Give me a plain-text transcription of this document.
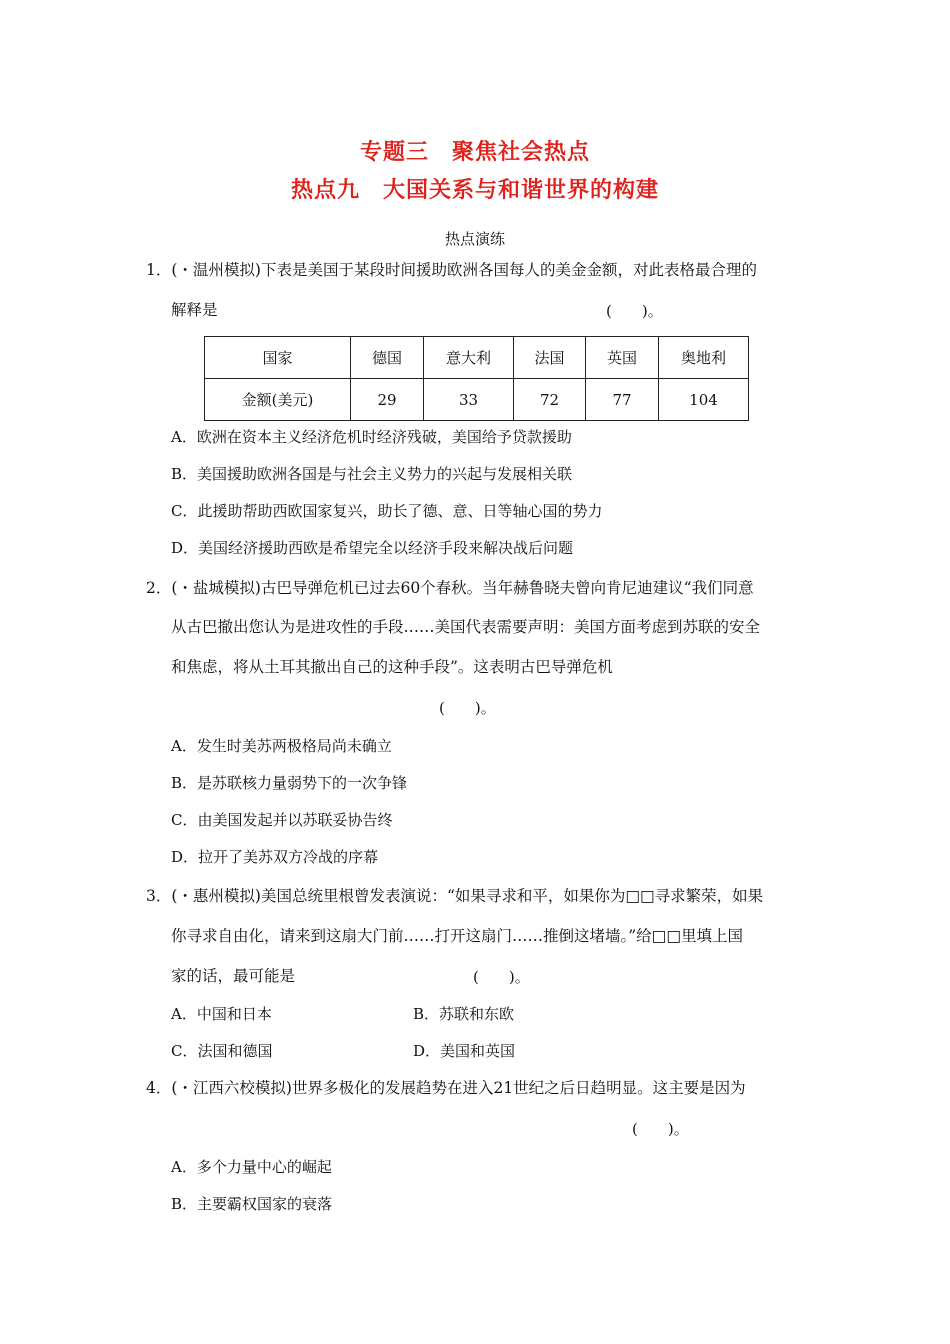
专题三　聚焦社会热点
热点九　大国关系与和谐世界的构建
热点演练
1．(・温州模拟)下表是美国于某段时间援助欧洲各国每人的美金金额，对此表格最合理的
解释是	(　　)。
国家	德国	意大利	法国	英国	奥地利
金额(美元)	29	33	72	77	104
A．欧洲在资本主义经济危机时经济残破，美国给予贷款援助
B．美国援助欧洲各国是与社会主义势力的兴起与发展相关联
C．此援助帮助西欧国家复兴，助长了德、意、日等轴心国的势力
D．美国经济援助西欧是希望完全以经济手段来解决战后问题
2．(・盐城模拟)古巴导弹危机已过去60个春秋。当年赫鲁晓夫曾向肯尼迪建议“我们同意
从古巴撤出您认为是进攻性的手段……美国代表需要声明：美国方面考虑到苏联的安全
和焦虑，将从土耳其撤出自己的这种手段”。这表明古巴导弹危机
(　　)。
A．发生时美苏两极格局尚未确立
B．是苏联核力量弱势下的一次争锋
C．由美国发起并以苏联妥协告终
D．拉开了美苏双方冷战的序幕
3．(・惠州模拟)美国总统里根曾发表演说：“如果寻求和平，如果你为□□寻求繁荣，如果
你寻求自由化，请来到这扇大门前……打开这扇门……推倒这堵墙。”给□□里填上国
家的话，最可能是	(　　)。
A．中国和日本	B．苏联和东欧
C．法国和德国	D．美国和英国
4．(・江西六校模拟)世界多极化的发展趋势在进入21世纪之后日趋明显。这主要是因为
(　　)。
A．多个力量中心的崛起
B．主要霸权国家的衰落
